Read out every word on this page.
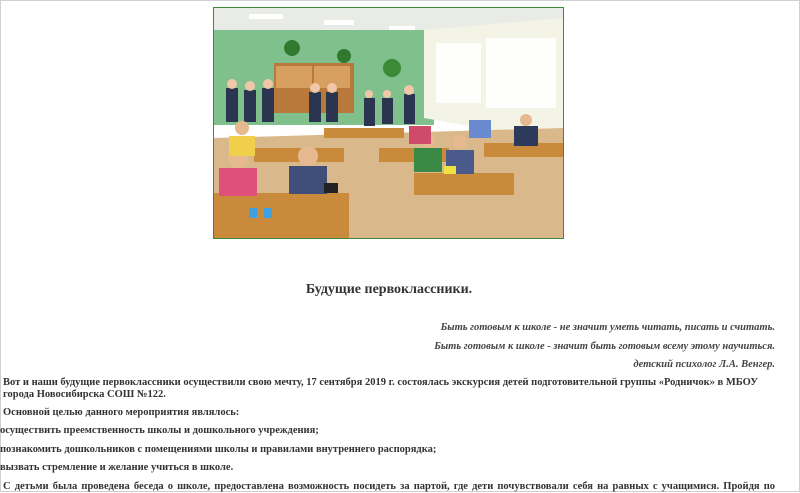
Будущие первоклассники.
Быть готовым к школе - не значит уметь читать, писать и считать.
Быть готовым к школе - значит быть готовым всему этому научиться.
детский психолог Л.А. Венгер.
Вот и наши будущие первоклассники осуществили свою мечту, 17 сентября 2019 г. состоялась экскурсия детей подготовительной группы «Родничок» в МБОУ города Новосибирска СОШ №122.
Основной целью данного мероприятия являлось:
осуществить преемственность школы и дошкольного учреждения;
познакомить дошкольников с помещениями школы и правилами внутреннего распорядка;
вызвать стремление и желание учиться в школе.
С детьми была проведена беседа о школе, предоставлена возможность посидеть за партой, где дети почувствовали себя на равных с учащимися. Пройдя по
